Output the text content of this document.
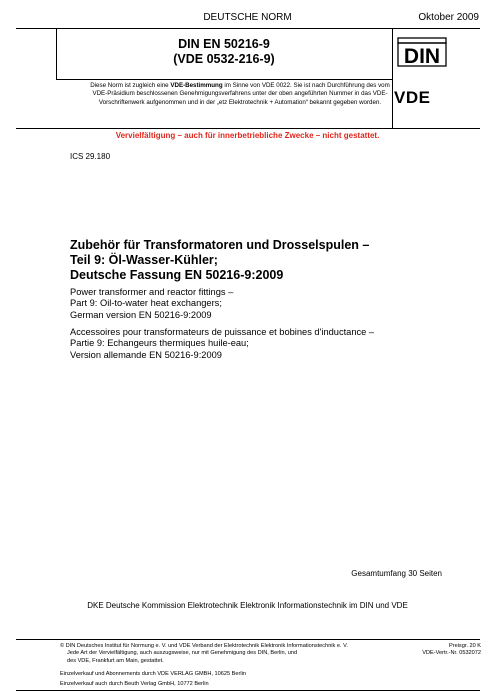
DEUTSCHE NORM	Oktober 2009
DIN EN 50216-9
(VDE 0532-216-9)	DIN
Diese Norm ist zugleich eine VDE-Bestimmung im Sinne von VDE 0022. Sie ist nach Durchführung des vom VDE-Präsidium beschlossenen Genehmigungsverfahrens unter der oben angeführten Nummer in das VDE-Vorschriftenwerk aufgenommen und in der „etz Elektrotechnik + Automation“ bekannt gegeben worden. VDE
Vervielfältigung – auch für innerbetriebliche Zwecke – nicht gestattet.
ICS 29.180
Zubehör für Transformatoren und Drosselspulen –
Teil 9: Öl-Wasser-Kühler;
Deutsche Fassung EN 50216-9:2009
Power transformer and reactor fittings –
Part 9: Oil-to-water heat exchangers;
German version EN 50216-9:2009
Accessoires pour transformateurs de puissance et bobines d'inductance –
Partie 9: Echangeurs thermiques huile-eau;
Version allemande EN 50216-9:2009
Gesamtumfang 30 Seiten
DKE Deutsche Kommission Elektrotechnik Elektronik Informationstechnik im DIN und VDE
© DIN Deutsches Institut für Normung e. V. und VDE Verband der Elektrotechnik Elektronik Informationstechnik e. V.
Jede Art der Vervielfältigung, auch auszugsweise, nur mit Genehmigung des DIN, Berlin, und
des VDE, Frankfurt am Main, gestattet.
Preisgr. 20 K
VDE-Vertr.-Nr. 0532072
Einzelverkauf und Abonnements durch VDE VERLAG GMBH, 10625 Berlin
Einzelverkauf auch durch Beuth Verlag GmbH, 10772 Berlin
